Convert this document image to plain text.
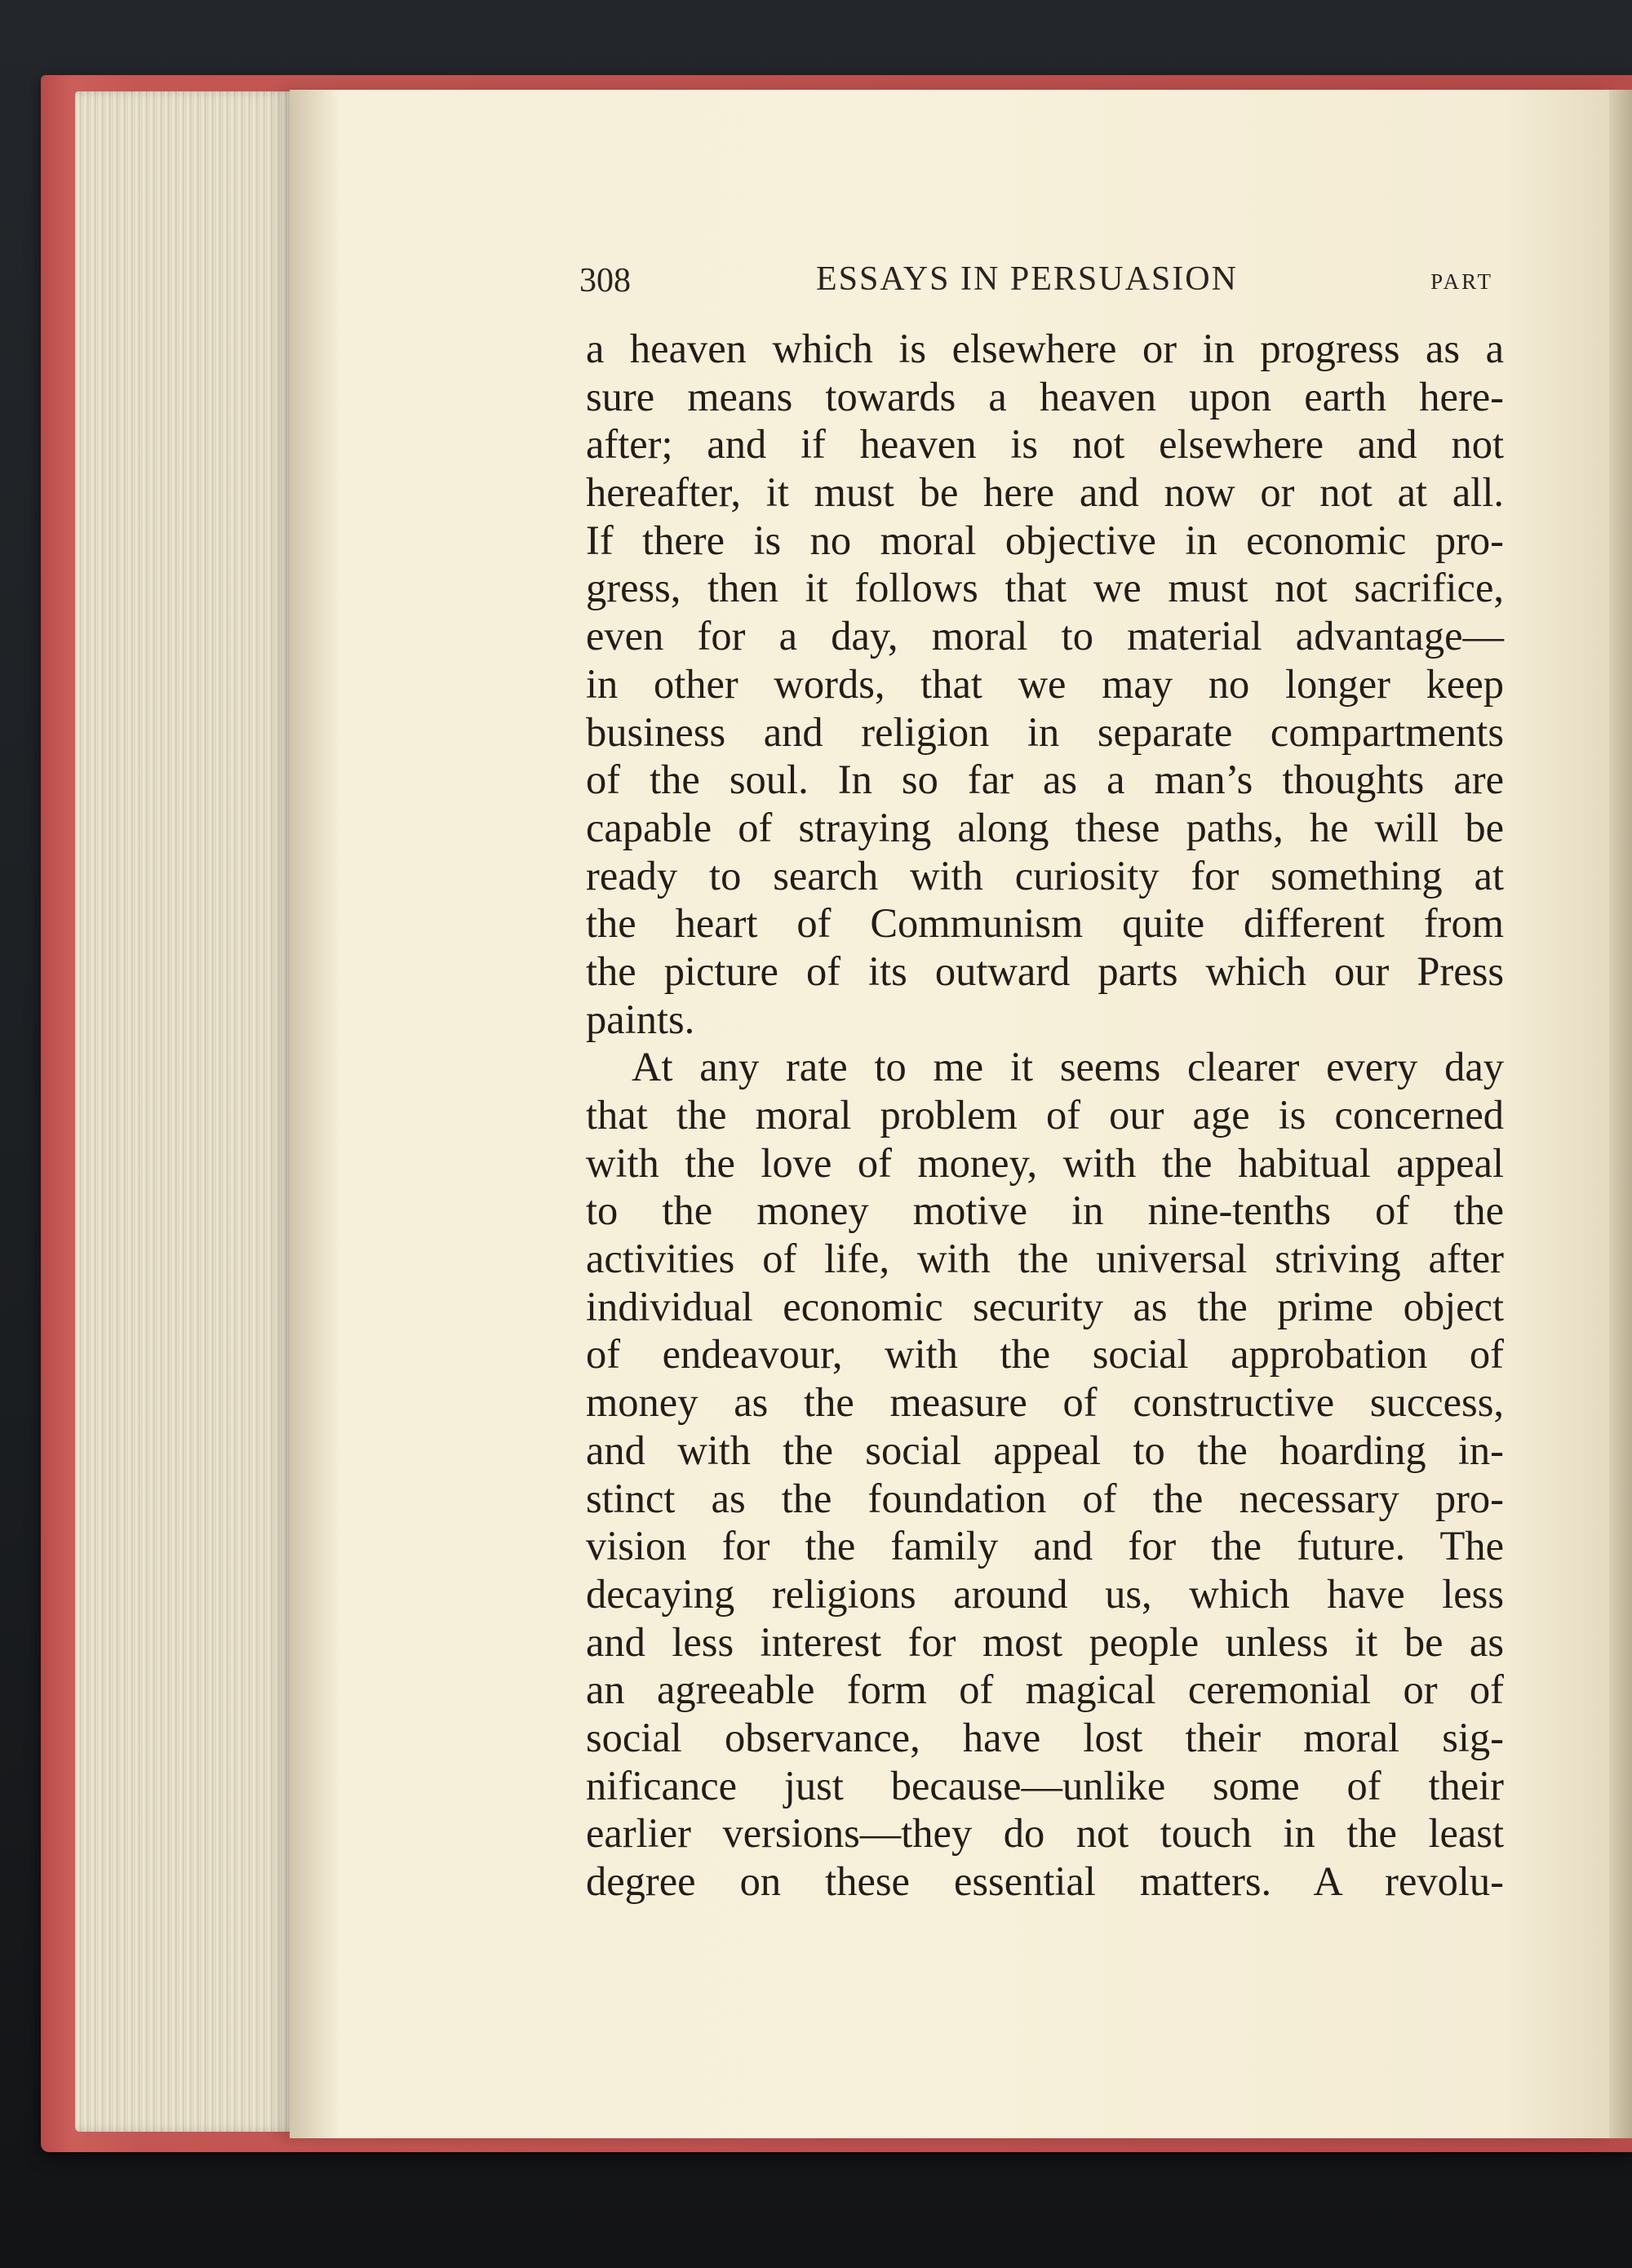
308	ESSAYS IN PERSUASION	PART
a heaven which is elsewhere or in progress as a
sure means towards a heaven upon earth here-
after; and if heaven is not elsewhere and not
hereafter, it must be here and now or not at all.
If there is no moral objective in economic pro-
gress, then it follows that we must not sacrifice,
even for a day, moral to material advantage—
in other words, that we may no longer keep
business and religion in separate compartments
of the soul. In so far as a man’s thoughts are
capable of straying along these paths, he will be
ready to search with curiosity for something at
the heart of Communism quite different from
the picture of its outward parts which our Press
paints.
At any rate to me it seems clearer every day
that the moral problem of our age is concerned
with the love of money, with the habitual appeal
to the money motive in nine-tenths of the
activities of life, with the universal striving after
individual economic security as the prime object
of endeavour, with the social approbation of
money as the measure of constructive success,
and with the social appeal to the hoarding in-
stinct as the foundation of the necessary pro-
vision for the family and for the future. The
decaying religions around us, which have less
and less interest for most people unless it be as
an agreeable form of magical ceremonial or of
social observance, have lost their moral sig-
nificance just because—unlike some of their
earlier versions—they do not touch in the least
degree on these essential matters. A revolu-
